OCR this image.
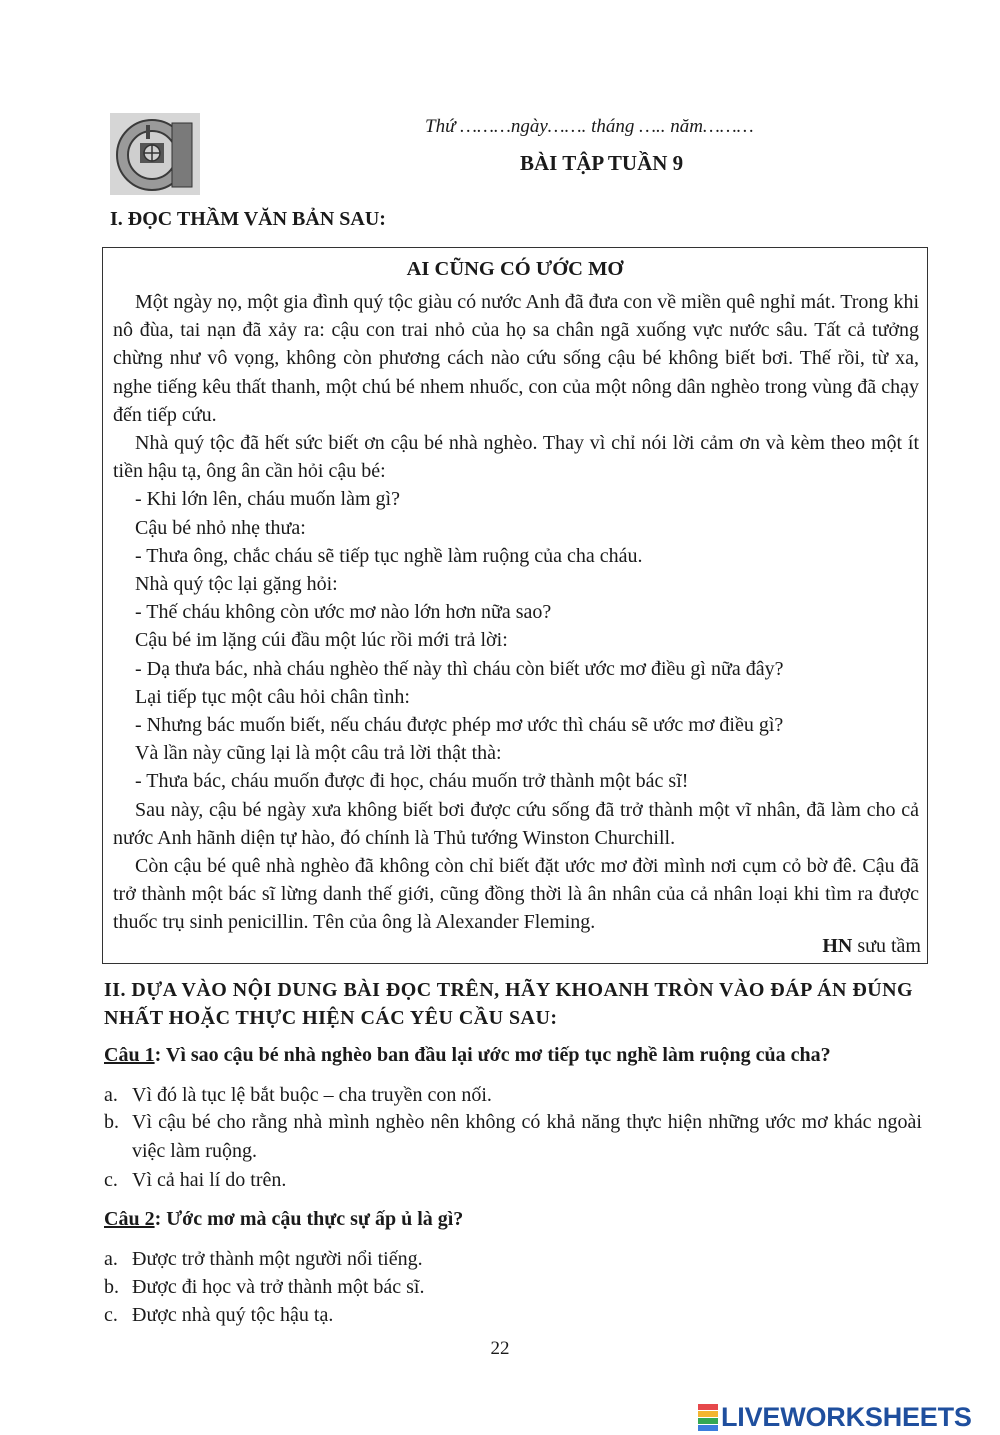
Thứ ………ngày……. tháng ….. năm………
BÀI TẬP TUẦN 9
I. ĐỌC THẦM VĂN BẢN SAU:
AI CŨNG CÓ ƯỚC MƠ

Một ngày nọ, một gia đình quý tộc giàu có nước Anh đã đưa con về miền quê nghỉ mát. Trong khi nô đùa, tai nạn đã xảy ra: cậu con trai nhỏ của họ sa chân ngã xuống vực nước sâu. Tất cả tưởng chừng như vô vọng, không còn phương cách nào cứu sống cậu bé không biết bơi. Thế rồi, từ xa, nghe tiếng kêu thất thanh, một chú bé nhem nhuốc, con của một nông dân nghèo trong vùng đã chạy đến tiếp cứu.

Nhà quý tộc đã hết sức biết ơn cậu bé nhà nghèo. Thay vì chỉ nói lời cảm ơn và kèm theo một ít tiền hậu tạ, ông ân cần hỏi cậu bé:

- Khi lớn lên, cháu muốn làm gì?

Cậu bé nhỏ nhẹ thưa:

- Thưa ông, chắc cháu sẽ tiếp tục nghề làm ruộng của cha cháu.

Nhà quý tộc lại gặng hỏi:

- Thế cháu không còn ước mơ nào lớn hơn nữa sao?

Cậu bé im lặng cúi đầu một lúc rồi mới trả lời:

- Dạ thưa bác, nhà cháu nghèo thế này thì cháu còn biết ước mơ điều gì nữa đây?

Lại tiếp tục một câu hỏi chân tình:

- Nhưng bác muốn biết, nếu cháu được phép mơ ước thì cháu sẽ ước mơ điều gì?

Và lần này cũng lại là một câu trả lời thật thà:

- Thưa bác, cháu muốn được đi học, cháu muốn trở thành một bác sĩ!

Sau này, cậu bé ngày xưa không biết bơi được cứu sống đã trở thành một vĩ nhân, đã làm cho cả nước Anh hãnh diện tự hào, đó chính là Thủ tướng Winston Churchill.

Còn cậu bé quê nhà nghèo đã không còn chỉ biết đặt ước mơ đời mình nơi cụm cỏ bờ đê. Cậu đã trở thành một bác sĩ lừng danh thế giới, cũng đồng thời là ân nhân của cả nhân loại khi tìm ra được thuốc trụ sinh penicillin. Tên của ông là Alexander Fleming.

HN sưu tầm
II. DỰA VÀO NỘI DUNG BÀI ĐỌC TRÊN, HÃY KHOANH TRÒN VÀO ĐÁP ÁN ĐÚNG NHẤT HOẶC THỰC HIỆN CÁC YÊU CẦU SAU:
Câu 1: Vì sao cậu bé nhà nghèo ban đầu lại ước mơ tiếp tục nghề làm ruộng của cha?
a. Vì đó là tục lệ bắt buộc – cha truyền con nối.
b. Vì cậu bé cho rằng nhà mình nghèo nên không có khả năng thực hiện những ước mơ khác ngoài việc làm ruộng.
c. Vì cả hai lí do trên.
Câu 2: Ước mơ mà cậu thực sự ấp ủ là gì?
a. Được trở thành một người nổi tiếng.
b. Được đi học và trở thành một bác sĩ.
c. Được nhà quý tộc hậu tạ.
22
LIVEWORKSHEETS
